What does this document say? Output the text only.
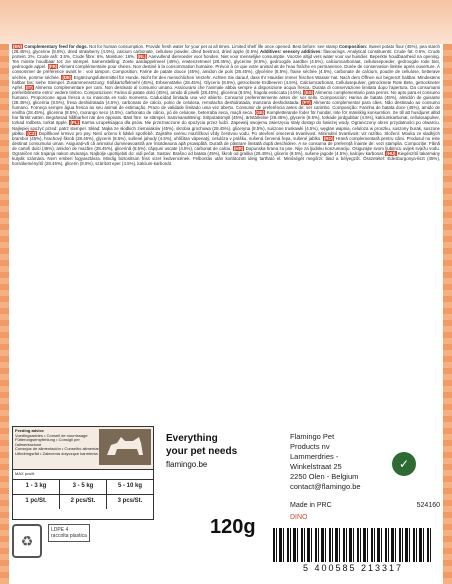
(EN) Complementary feed for dogs. Not for human consumption. Provide fresh water for your pet at all times. Limited shelf life once opened. Best before: see stamp Composition: Sweet potato flour (45%), pea starch (28.45%), glycerine (8.5%), dried strawberry (4.5%), calcium carbonate, cellulose powder, dried beetroot, dried apple (0.5%) Additives: sensory additives: flavourings. Analytical constituents: Crude fat: 0.5%, Crude protein: 2%, Crude ash: 3.5%, Crude fibre: 6%, Moisture: 16%. (NL) Aanvullend diervoeder voor honden. Niet voor menselijke consumptie. Voorzie altijd vers water voor uw huisdier. Beperkte houdbaarheid na opening. Ten minste houdbaar tot: zie stempel. Samenstelling: Zoete aardappelmeel (45%), erwtenzetmeel (28.45%), glycerine (8.5%), gedroogde aardbei (4.5%), calciumcarbonaat, cellulosepoeder, gedroogde rode biet, gedroogde appel. (FR) Aliment complémentaire pour chiens. Non destiné à la consommation humaine. Prévoir à ce que votre animal ait de l'eau fraîche en permanence. Durée de conservation limitée après ouverture. À consommer de préférence avant le : voir tampon. Composition: Farine de patate douce (45%), amidon de pois (28.45%), glycérine (8.5%), fraise séchée (4.5%), carbonate de calcium, poudre de cellulose, betterave séchée, pomme séchée. (DE) Ergänzungsfuttermittel für Hunde. Nicht für den menschlichen Verzehr. Achten Sie darauf, dass Ihr Haustier immer frisches Wasser hat. Nach dem Öffnen nur begrenzt haltbar. Mindestens haltbar bis: siehe Stempel. Zusammensetzung: Süßkartoffelmehl (45%), Erbsenstärke (28.45%), Glycerin (8.5%), getrocknete Erdbeeren (4.5%), Calciumcarbonat, Cellulosepulver, getrocknete Rote Bete, getrockneter Apfel. (IT) Alimento complementare per cani. Non destinato al consumo umano. Assicurarsi che l'animale abbia sempre a disposizione acqua fresca. Durata di conservazione limitata dopo l'apertura. Da consumarsi preferibilmente entro: vedere timbro. Composizione: Farina di patate dolci (45%), amido di piselli (28.45%), glicerina (8.5%), fragola essiccata (4.5%). (ES) Alimento complementario para perros. No apto para el consumo humano. Proporcione agua fresca a su mascota en todo momento. Caducidad limitada una vez abierto. Consumir preferentemente antes de: ver sello. Composición: Harina de batata (45%), almidón de guisante (28.45%), glicerina (8.5%), fresa deshidratada (4.5%), carbonato de calcio, polvo de celulosa, remolacha deshidratada, manzana deshidratada. (PT) Alimento complementar para cães. Não destinado ao consumo humano. Forneça sempre água fresca ao seu animal de estimação. Prazo de validade limitado uma vez aberto. Consumir de preferência antes de: ver carimbo. Composição: Farinha de batata doce (45%), amido de ervilha (28.45%), glicerina (8.5%), morango seco (4.5%), carbonato de cálcio, pó de celulose, beterraba seca, maçã seca. (SE) Kompletterande foder för hundar. Inte för mänsklig konsumtion. Se till att husdjuret alltid har färskt vatten. Begränsad hållbarhet när den öppnats. Bäst före: se stämpel. Sammansättning: Sötpotatismjöl (45%), ärtstärkelse (28.45%), glycerin (8.5%), torkade jordgubbar (4.5%), kalciumkarbonat, cellulosapulver, torkad rödbeta, torkat äpple. (PL) Karma uzupełniająca dla psów. Nie przeznaczone do spożycia przez ludzi. Zapewnij swojemu zwierzęciu stały dostęp do świeżej wody. Ograniczony okres przydatności po otwarciu. Najlepiej spożyć przed: patrz stempel. Skład: Mąka ze słodkich ziemniaków (45%), skrobia grochowa (28.45%), gliceryna (8.5%), suszone truskawki (4.5%), węglan wapnia, celuloza w proszku, suszony burak, suszone jabłko. (CZ) Doplňkové krmivo pro psy. Není určeno k lidské spotřebě. Zajistěte svému mazlíčkovi vždy čerstvou vodu. Po otevření omezená trvanlivost. Minimální trvanlivost: viz razítko. Složení: Mouka ze sladkých brambor (45%), hrachový škrob (28.45%), glycerin (8.5%), sušené jahody (4.5%), uhličitan vápenatý, celulóza v prášku, sušená červená řepa, sušené jablko. (RO) Hrană complementară pentru câini. Produsul nu este destinat consumului uman. Asigurați-vă că animalul dumneavoastră are întotdeauna apă proaspătă. Durată de păstrare limitată după deschidere. A se consuma de preferință înainte de: vezi ștampila. Compoziție: Făină de cartofi dulci (45%), amidon de mazăre (28.45%), glicerină (8.5%), căpșuni uscate (4.5%), carbonat de calciu. (HR) Dopunska hrana za pse. Nije za ljudsku konzumaciju. Osigurajte svom ljubimcu uvijek svježu vodu. Ograničen rok trajanja nakon otvaranja. Najbolje upotrijebiti do: vidi pečat. Sastav: Brašno od batata (45%), škrob od graška (28.45%), glicerin (8.5%), sušene jagode (4.5%), kalcijev karbonat. (HU) Kiegészítő takarmány kutyák számára. Nem emberi fogyasztásra. Mindig biztosítson friss vizet kedvencének. Felbontás után korlátozott ideig tartható el. Minőségét megőrzi: lásd a bélyegzőt. Összetétel: Édesburgonya-liszt (45%), borsókeményítő (28.45%), glicerin (8.5%), szárított eper (4.5%), kalcium-karbonát.
Feeding advice
Voedingsadvies • Conseil de nourrissage
Fütterungsempfehlung • Consigli per l'alimentazione
Consejos de alimentación • Conselho alimentar
Utfodringsråd • Zalecenia dotyczące karmienia
MAX pcs/lt.
1 - 3 kg	3 - 5 kg	5 - 10 kg
1 pc/St.	2 pcs/St.	3 pcs/St.
♻
LDPE 4
raccolta plastica
Everything
your pet needs
flamingo.be
Flamingo Pet
Products nv
Lammerdries -
Winkelstraat 25
2250 Olen - Belgium
contact@flamingo.be
✓
Made in PRC	524160
DINO
120g
5 400585 213317
